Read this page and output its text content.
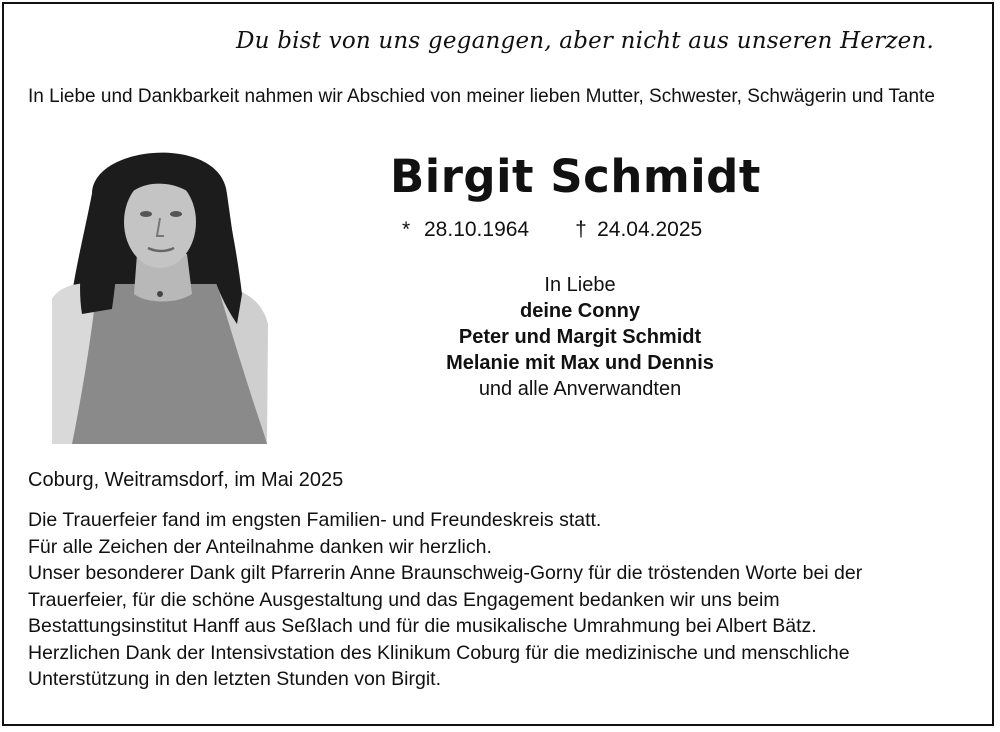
Du bist von uns gegangen, aber nicht aus unseren Herzen.
In Liebe und Dankbarkeit nahmen wir Abschied von meiner lieben Mutter, Schwester, Schwägerin und Tante
Birgit Schmidt
* 28.10.1964 † 24.04.2025
In Liebe
deine Conny
Peter und Margit Schmidt
Melanie mit Max und Dennis
und alle Anverwandten
Coburg, Weitramsdorf, im Mai 2025
Die Trauerfeier fand im engsten Familien- und Freundeskreis statt.
Für alle Zeichen der Anteilnahme danken wir herzlich.
Unser besonderer Dank gilt Pfarrerin Anne Braunschweig-Gorny für die tröstenden Worte bei der
Trauerfeier, für die schöne Ausgestaltung und das Engagement bedanken wir uns beim
Bestattungsinstitut Hanff aus Seßlach und für die musikalische Umrahmung bei Albert Bätz.
Herzlichen Dank der Intensivstation des Klinikum Coburg für die medizinische und menschliche
Unterstützung in den letzten Stunden von Birgit.
